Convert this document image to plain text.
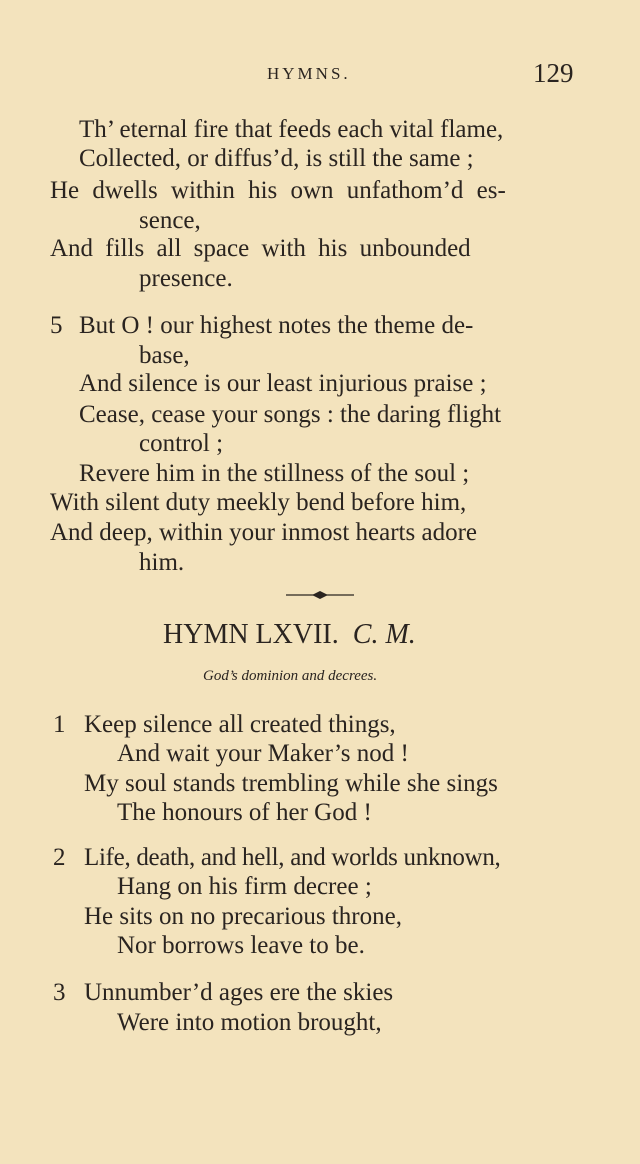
HYMNS.	129
Th’ eternal fire that feeds each vital flame,
Collected, or diffus’d, is still the same ;
He dwells within his own unfathom’d es-
sence,
And fills all space with his unbounded
presence.
5 But O ! our highest notes the theme de-
base,
And silence is our least injurious praise ;
Cease, cease your songs : the daring flight
control ;
Revere him in the stillness of the soul ;
With silent duty meekly bend before him,
And deep, within your inmost hearts adore
him.
HYMN LXVII. C. M.
God’s dominion and decrees.
1 Keep silence all created things,
And wait your Maker’s nod !
My soul stands trembling while she sings
The honours of her God !
2 Life, death, and hell, and worlds unknown,
Hang on his firm decree ;
He sits on no precarious throne,
Nor borrows leave to be.
3 Unnumber’d ages ere the skies
Were into motion brought,
